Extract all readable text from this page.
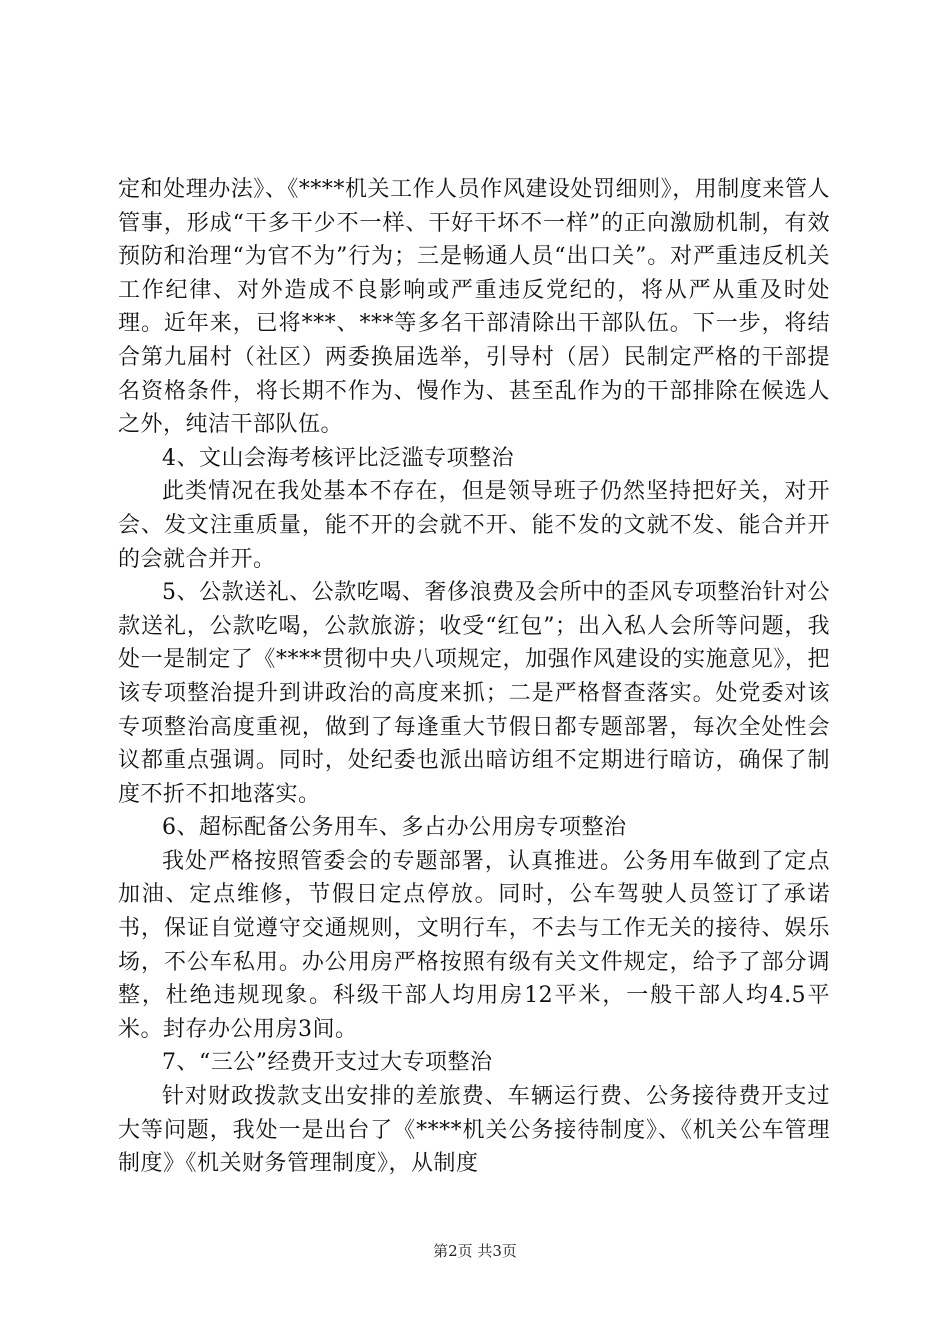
定和处理办法》、《****机关工作人员作风建设处罚细则》，用制度来管人管事，形成“干多干少不一样、干好干坏不一样”的正向激励机制，有效预防和治理“为官不为”行为；三是畅通人员“出口关”。对严重违反机关工作纪律、对外造成不良影响或严重违反党纪的，将从严从重及时处理。近年来，已将***、***等多名干部清除出干部队伍。下一步，将结合第九届村（社区）两委换届选举，引导村（居）民制定严格的干部提名资格条件，将长期不作为、慢作为、甚至乱作为的干部排除在候选人之外，纯洁干部队伍。

4、文山会海考核评比泛滥专项整治

此类情况在我处基本不存在，但是领导班子仍然坚持把好关，对开会、发文注重质量，能不开的会就不开、能不发的文就不发、能合并开的会就合并开。

5、公款送礼、公款吃喝、奢侈浪费及会所中的歪风专项整治针对公款送礼，公款吃喝，公款旅游；收受“红包”；出入私人会所等问题，我处一是制定了《****贯彻中央八项规定，加强作风建设的实施意见》，把该专项整治提升到讲政治的高度来抓；二是严格督查落实。处党委对该专项整治高度重视，做到了每逢重大节假日都专题部署，每次全处性会议都重点强调。同时，处纪委也派出暗访组不定期进行暗访，确保了制度不折不扣地落实。

6、超标配备公务用车、多占办公用房专项整治

我处严格按照管委会的专题部署，认真推进。公务用车做到了定点加油、定点维修，节假日定点停放。同时，公车驾驶人员签订了承诺书，保证自觉遵守交通规则，文明行车，不去与工作无关的接待、娱乐场，不公车私用。办公用房严格按照有级有关文件规定，给予了部分调整，杜绝违规现象。科级干部人均用房12平米，一般干部人均4.5平米。封存办公用房3间。

7、“三公”经费开支过大专项整治

针对财政拨款支出安排的差旅费、车辆运行费、公务接待费开支过大等问题，我处一是出台了《****机关公务接待制度》、《机关公车管理制度》《机关财务管理制度》，从制度

第2页 共3页
